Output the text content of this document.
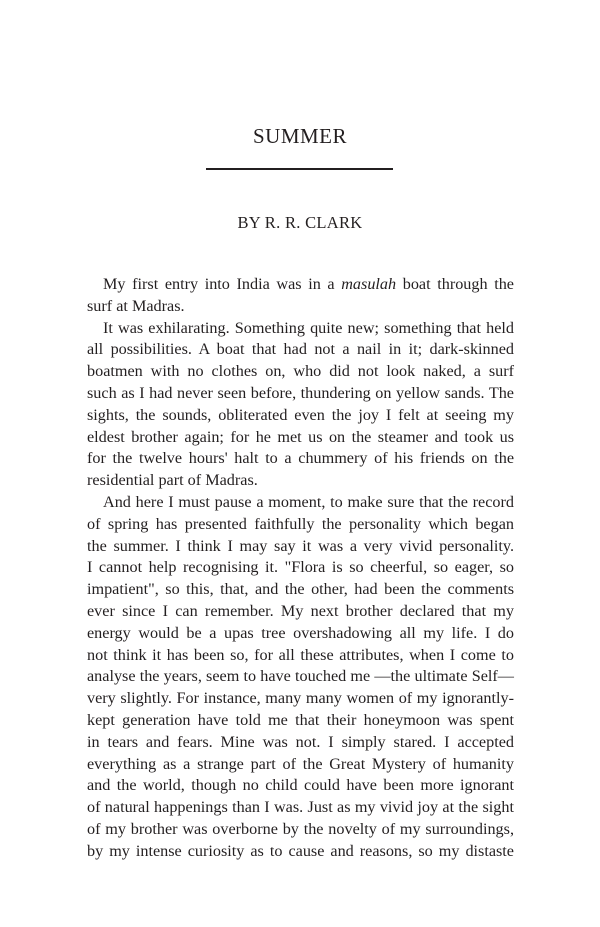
SUMMER
BY R. R. CLARK
My first entry into India was in a masulah boat through the
surf at Madras.
It was exhilarating. Something quite new; something that held
all possibilities. A boat that had not a nail in it; dark-skinned
boatmen with no clothes on, who did not look naked, a surf
such as I had never seen before, thundering on yellow sands. The
sights, the sounds, obliterated even the joy I felt at seeing my
eldest brother again; for he met us on the steamer and took us
for the twelve hours' halt to a chummery of his friends on the
residential part of Madras.
And here I must pause a moment, to make sure that the record
of spring has presented faithfully the personality which began
the summer. I think I may say it was a very vivid personality.
I cannot help recognising it. "Flora is so cheerful, so eager, so
impatient", so this, that, and the other, had been the comments
ever since I can remember. My next brother declared that my
energy would be a upas tree overshadowing all my life. I do
not think it has been so, for all these attributes, when I come to
analyse the years, seem to have touched me —the ultimate Self—
very slightly. For instance, many many women of my ignorantly-
kept generation have told me that their honeymoon was spent
in tears and fears. Mine was not. I simply stared. I accepted
everything as a strange part of the Great Mystery of humanity
and the world, though no child could have been more ignorant
of natural happenings than I was. Just as my vivid joy at the sight
of my brother was overborne by the novelty of my surroundings,
by my intense curiosity as to cause and reasons, so my distaste
